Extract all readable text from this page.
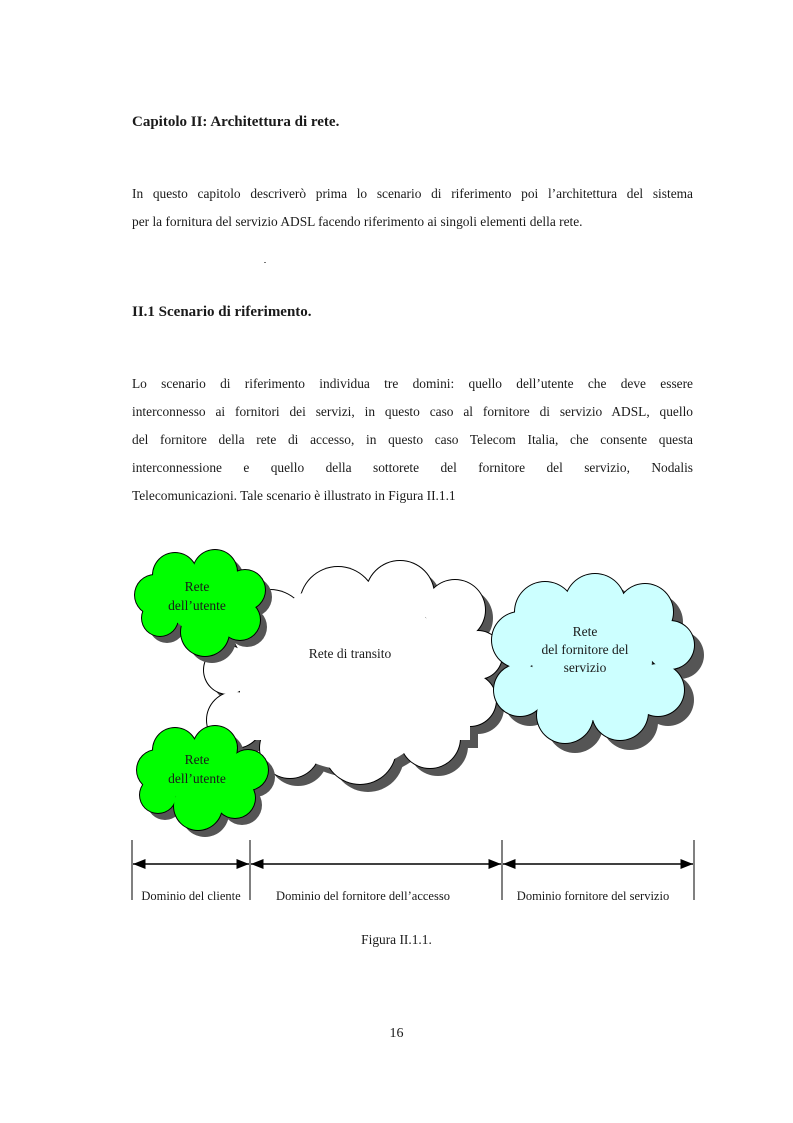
Capitolo II: Architettura di rete.
In questo capitolo descriverò prima lo scenario di riferimento poi l’architettura del sistema
per la fornitura del servizio ADSL facendo riferimento ai singoli elementi della rete.
II.1 Scenario di riferimento.
Lo scenario di riferimento individua tre domini: quello dell’utente che deve essere
interconnesso ai fornitori dei servizi, in questo caso al fornitore di servizio ADSL, quello
del fornitore della rete di accesso, in questo caso Telecom Italia, che consente questa
interconnessione e quello della sottorete del fornitore del servizio, Nodalis
Telecomunicazioni. Tale scenario è illustrato in Figura II.1.1
Rete di transito
Rete
dell’utente
Rete
dell’utente
Rete
del fornitore del
servizio
Dominio del cliente	Dominio del fornitore dell’accesso	Dominio fornitore del servizio
Figura II.1.1.
16
